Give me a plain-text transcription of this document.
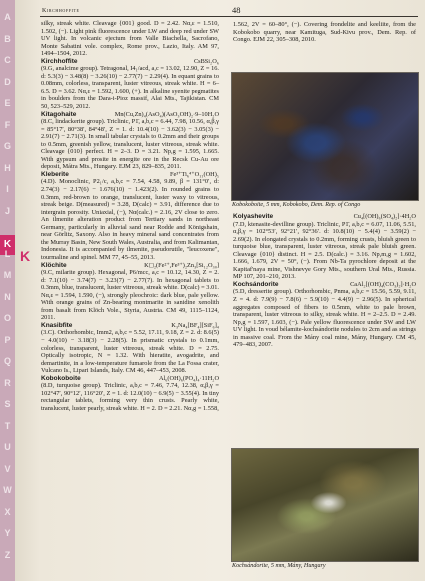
A
B
C
D
E
F
G
H
I
J
K
L
M
N
O
P
Q
R
S
T
U
V
W
X
Y
Z
Kirchhoffite	48
K

silky, streak white. Cleavage {001} good. D = 2.42. Nα,ε = 1.510, 1.502, (−). Light pink fluorescence under LW and deep red under SW UV light. In volcanic ejectum from Valle Biachella, Sacrofano, Monte Sabatini vole. complex, Rome prov., Lazio, Italy. AM 97, 1494–1504, 2012.

CsBSi₂O₆
Kirchhoffite
(9.G, analcime group). Tetragonal, I4₁/acd, a,c = 13.02, 12.90, Z = 16. d: 5.3(3) − 3.48(8) − 3.26(10) − 2.77(7) − 2.29(4). In equant grains to 0.08mm, colorless, transparent, luster vitreous, streak white. H = 6–6.5. D = 3.62. Nα,ε = 1.592, 1.600, (+). In alkaline syenite pegmatites in boulders from the Dara-i-Pioz massif, Alai Mts., Tajikistan. CM 50, 523–529, 2012.

Mn(Cu,Zn)₄(AsO₄)(AsO₃OH)₂·9–10H₂O
Kitagohaite
(8.C, lindackerite group). Triclinic, P1̄, a,b,c = 6.44, 7.98, 10.56, α,β,γ = 85°17′, 80°38′, 84°48′, Z = 1. d: 10.4(10) − 3.62(3) − 3.05(3) − 2.91(7) − 2.71(3). In small tabular crystals to 0.2mm and their groups to 0.5mm, greenish yellow, translucent, luster vitreous, streak white. Cleavage {010} perfect. H = 2–3. D = 3.21. Np,g = 1.595, 1.665. With gypsum and prosite in energite ore in the Recsk Cu-Au ore deposit, Mátra Mts., Hungary. EJM 23, 829–835, 2011.

Fe³⁺Ti₆⁴⁺O₁₁(OH)₅
Kleberite
(4.D). Monoclinic, P2₁/c, a,b,c = 7.54, 4.58, 9.89, β = 131°0′, d: 2.74(3) − 2.17(6) − 1.676(10) − 1.423(2). In rounded grains to 0.3mm, red-brown to orange, translucent, luster waxy to vitreous, streak beige. D(measured) = 3.28, D(calc) = 3.91, difference due to intergrain porosity. Uniaxial, (−), Nα(calc.) = 2.16, 2V close to zero. An ilmenite alteration product from Tertiary sands in northeast Germany, particularly in alluvial sand near Rodde and Königshain, near Görlitz, Saxony. Also in heavy mineral sand concentrates from the Murray Basin, New South Wales, Australia, and from Kalimantan, Indonesia. It is accompanied by ilmenite, pseudorutile, "leucoxene", tourmaline and spinel. MM 77, 45–55, 2013.

K◻₂(Fe²⁺,Fe³⁺)₂Zn₃[Si₁₂O₃₀]
Klöchite
(9.C, milarite group). Hexagonal, P6/mcc, a,c = 10.12, 14.30, Z = 2. d: 7.1(10) − 3.74(7) − 3.23(7) − 2.77(7). In hexagonal tablets to 0.3mm, blue, translucent, luster vitreous, streak white. D(calc) = 3.01. Nα,ε = 1.594, 1.590, (−), strongly pleochroic: dark blue, pale yellow. With orange grains of Zn-bearing montmarite in sanidine xenolith from basalt from Klöch Vole., Styria, Austria. CM 49, 1115–1124, 2011.

K₃Na₄[BF₄][SiF₆]₄
Knasibfite
(3.C). Orthorhombic, Imm2, a,b,c = 5.52, 17.11, 9.18, Z = 2. d: 8.6(5) − 4.0(10) − 3.18(3) − 2.28(5). In prismatic crystals to 0.1mm, colorless, transparent, luster vitreous, streak white. D = 2.75. Optically isotropic, N = 1.32. With hieratite, avogadrite, and demartinite, in a low-temperature fumarole from the La Fossa crater, Vulcano Is., Lipari Islands, Italy. CM 46, 447–453, 2008.

Al₆(OH)₆(PO₄)₄·11H₂O
Kobokoboite
(8.D, turquoise group). Triclinic, a,b,c = 7.46, 7.74, 12.38, α,β,γ = 102°47′, 90°12′, 116°20′, Z = 1. d: 12.0(10) − 6.9(5) − 3.55(4). In tiny rectangular tablets, forming very thin crusts. Pearly white, translucent, luster pearly, streak white. H = 2. D = 2.21. Nα,g = 1.558,

1.562, 2V = 60–80°, (−). Covering frondelite and keeliite, from the Kobokobo quarry, near Kamituga, Sud-Kivu prov., Dem. Rep. of Congo. EJM 22, 305–308, 2010.

Kobokoboite, 5 mm, Kobokobo, Dem. Rep. of Congo

Cu₄[(OH)₆(SO₄)₂]·4H₂O
Kolyashevite
(7.D, ktenasite-devilline group). Triclinic, P1̄, a,b,c = 6.07, 11.06, 5.51, α,β,γ = 102°53′, 92°21′, 92°36′. d: 10.8(10) − 5.4(4) − 3.59(2) − 2.69(2). In elongated crystals to 0.2mm, forming crusts, bluish green to turquoise blue, transparent, luster vitreous, streak pale bluish green. Cleavage {010} distinct. H = 2.5. D(calc.) = 3.16. Np,m,g = 1.602, 1.666, 1.679, 2V = 50°, (−). From Nb-Ta pyrochlore deposit at the Kapitaf'naya mine, Vishnevye Gory Mts., southern Ural Mts., Russia. MP 107, 201–210, 2013.

CaAl₂[(OH)₄(CO₃)₂]·H₂O
Kochsándorite
(5.D, dresserite group). Orthorhombic, Pnma, a,b,c = 15.56, 5.59, 9.11, Z = 4. d: 7.9(9) − 7.8(6) − 5.9(10) − 4.4(9) − 2.96(5). In spherical aggregates composed of fibers to 0.5mm, white to pale brown, transparent, luster vitreous to silky, streak white. H = 2–2.5. D = 2.49. Np,g = 1.597, 1.603, (−). Pale yellow fluorescence under SW and LW UV light. In voud bélamite-kochsándorite nodules to 2cm and as strings in massive coal. From the Mány coal mine, Mány, Hungary. CM 45, 479–483, 2007.

Kochsándorite, 5 mm, Mány, Hungary
